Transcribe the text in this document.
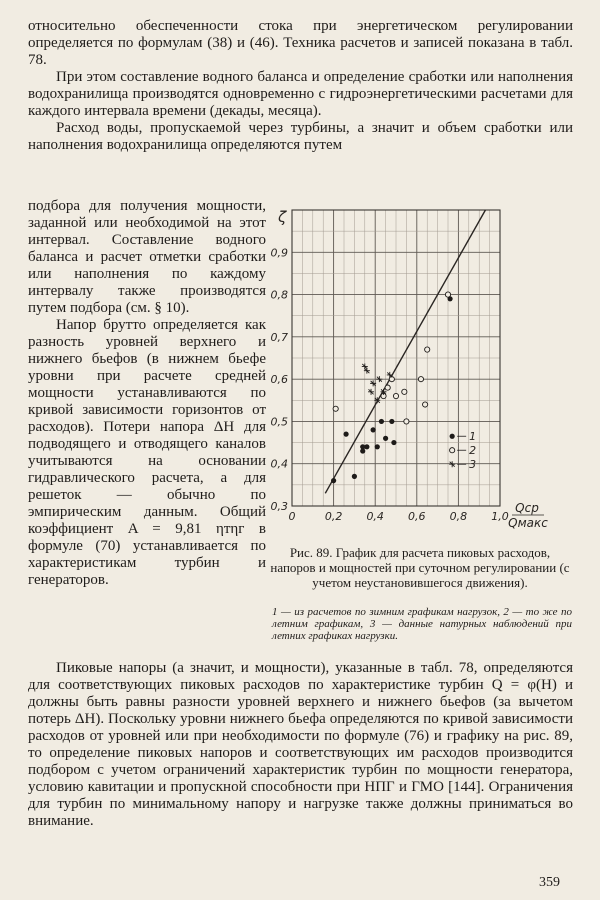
относительно обеспеченности стока при энергетическом регулировании определяется по формулам (38) и (46). Техника расчетов и записей показана в табл. 78.

При этом составление водного баланса и определение сработки или наполнения водохранилища производятся одновременно с гидроэнергетическими расчетами для каждого интервала времени (декады, месяца).

Расход воды, пропускаемой через турбины, а значит и объем сработки или наполнения водохранилища определяются путем

подбора для получения мощности, заданной или необходимой на этот интервал. Составление водного баланса и расчет отметки сработки или наполнения по каждому интервалу также производятся путем подбора (см. § 10).

Напор брутто определяется как разность уровней верхнего и нижнего бьефов (в нижнем бьефе уровни при расчете средней мощности устанавливаются по кривой зависимости горизонтов от расходов). Потери напора ΔH для подводящего и отводящего каналов учитываются на основании гидравлического расчета, а для решеток — обычно по эмпирическим данным. Общий коэффициент A = 9,81 ηтηг в формуле (70) устанавливается по характеристикам турбин и генераторов.

0	0,2 0,4 0,6 0,8 1,0
0,3
0,4
0,5
0,6
0,7
0,8
0,9
ζ
Qср
Qмакс
1
2
3
Рис. 89. График для расчета пиковых расходов, напоров и мощностей при суточном регулировании (с учетом неустановившегося движения).
1 — из расчетов по зимним графикам нагрузок, 2 — то же по летним графикам, 3 — данные натурных наблюдений при летних графиках нагрузки.

Пиковые напоры (а значит, и мощности), указанные в табл. 78, определяются для соответствующих пиковых расходов по характеристике турбин Q = φ(H) и должны быть равны разности уровней верхнего и нижнего бьефов (за вычетом потерь ΔH). Поскольку уровни нижнего бьефа определяются по кривой зависимости расходов от уровней или при необходимости по формуле (76) и графику на рис. 89, то определение пиковых напоров и соответствующих им расходов производится подбором с учетом ограничений характеристик турбин по мощности генератора, условию кавитации и пропускной способности при НПГ и ГМО [144]. Ограничения для турбин по минимальному напору и нагрузке также должны приниматься во внимание.

359
